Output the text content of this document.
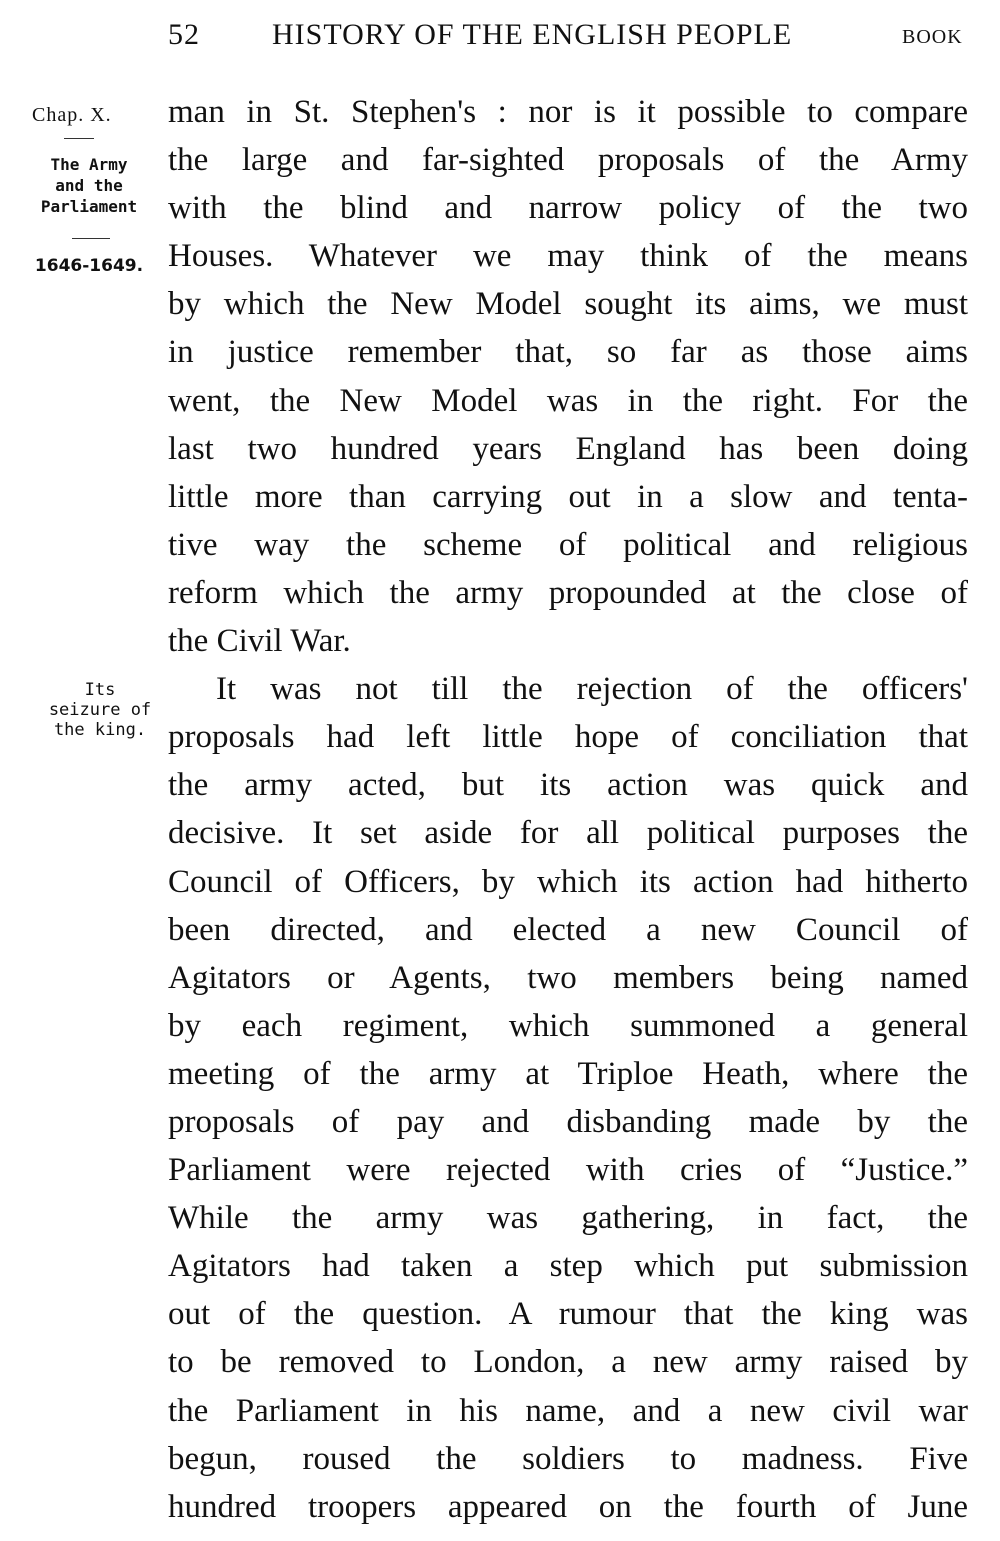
52 HISTORY OF THE ENGLISH PEOPLE	BOOK
Chap. X.
The Army
and the
Parliament
1646-1649.
Its
seizure of
the king.
man in St. Stephen's : nor is it possible to compare
the large and far-sighted proposals of the Army
with the blind and narrow policy of the two
Houses. Whatever we may think of the means
by which the New Model sought its aims, we must
in justice remember that, so far as those aims
went, the New Model was in the right. For the
last two hundred years England has been doing
little more than carrying out in a slow and tenta-
tive way the scheme of political and religious
reform which the army propounded at the close of
the Civil War.
It was not till the rejection of the officers'
proposals had left little hope of conciliation that
the army acted, but its action was quick and
decisive. It set aside for all political purposes the
Council of Officers, by which its action had hitherto
been directed, and elected a new Council of
Agitators or Agents, two members being named
by each regiment, which summoned a general
meeting of the army at Triploe Heath, where the
proposals of pay and disbanding made by the
Parliament were rejected with cries of “Justice.”
While the army was gathering, in fact, the
Agitators had taken a step which put submission
out of the question. A rumour that the king was
to be removed to London, a new army raised by
the Parliament in his name, and a new civil war
begun, roused the soldiers to madness. Five
hundred troopers appeared on the fourth of June
